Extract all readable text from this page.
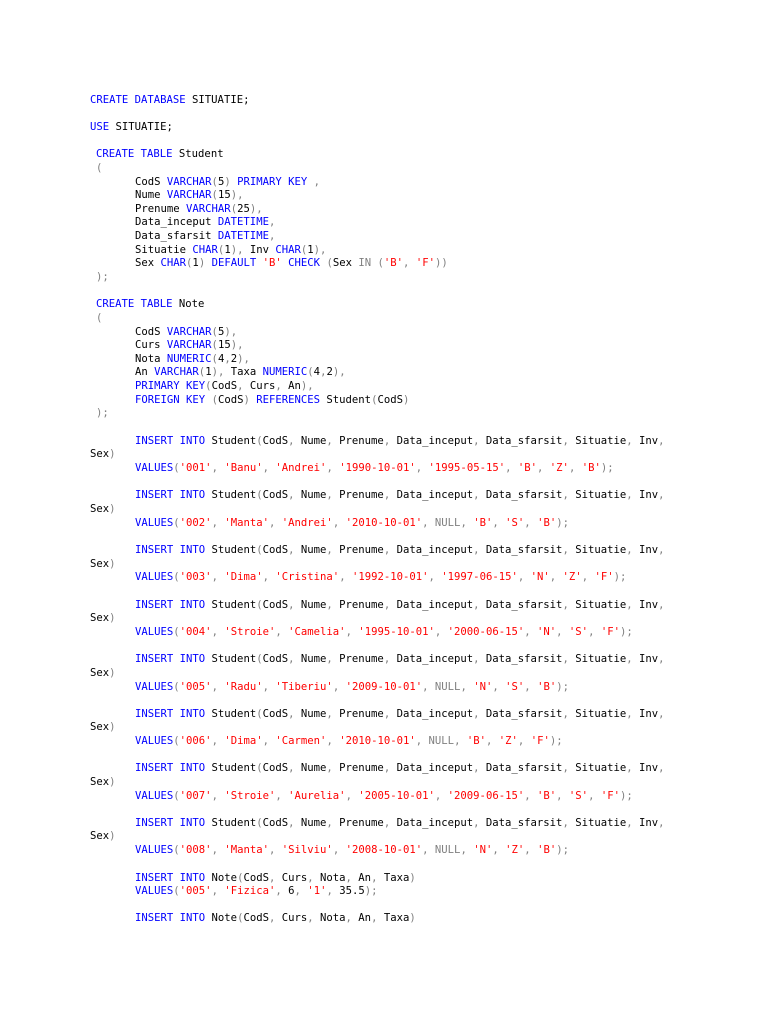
CREATE DATABASE SITUATIE;
USE SITUATIE;
CREATE TABLE Student
(
CodS VARCHAR(5) PRIMARY KEY ,
Nume VARCHAR(15),
Prenume VARCHAR(25),
Data_inceput DATETIME,
Data_sfarsit DATETIME,
Situatie CHAR(1), Inv CHAR(1),
Sex CHAR(1) DEFAULT 'B' CHECK (Sex IN ('B', 'F'))
);
CREATE TABLE Note
(
CodS VARCHAR(5),
Curs VARCHAR(15),
Nota NUMERIC(4,2),
An VARCHAR(1), Taxa NUMERIC(4,2),
PRIMARY KEY(CodS, Curs, An),
FOREIGN KEY (CodS) REFERENCES Student(CodS)
);
INSERT INTO Student(CodS, Nume, Prenume, Data_inceput, Data_sfarsit, Situatie, Inv,
Sex)
VALUES('001', 'Banu', 'Andrei', '1990-10-01', '1995-05-15', 'B', 'Z', 'B');
INSERT INTO Student(CodS, Nume, Prenume, Data_inceput, Data_sfarsit, Situatie, Inv,
Sex)
VALUES('002', 'Manta', 'Andrei', '2010-10-01', NULL, 'B', 'S', 'B');
INSERT INTO Student(CodS, Nume, Prenume, Data_inceput, Data_sfarsit, Situatie, Inv,
Sex)
VALUES('003', 'Dima', 'Cristina', '1992-10-01', '1997-06-15', 'N', 'Z', 'F');
INSERT INTO Student(CodS, Nume, Prenume, Data_inceput, Data_sfarsit, Situatie, Inv,
Sex)
VALUES('004', 'Stroie', 'Camelia', '1995-10-01', '2000-06-15', 'N', 'S', 'F');
INSERT INTO Student(CodS, Nume, Prenume, Data_inceput, Data_sfarsit, Situatie, Inv,
Sex)
VALUES('005', 'Radu', 'Tiberiu', '2009-10-01', NULL, 'N', 'S', 'B');
INSERT INTO Student(CodS, Nume, Prenume, Data_inceput, Data_sfarsit, Situatie, Inv,
Sex)
VALUES('006', 'Dima', 'Carmen', '2010-10-01', NULL, 'B', 'Z', 'F');
INSERT INTO Student(CodS, Nume, Prenume, Data_inceput, Data_sfarsit, Situatie, Inv,
Sex)
VALUES('007', 'Stroie', 'Aurelia', '2005-10-01', '2009-06-15', 'B', 'S', 'F');
INSERT INTO Student(CodS, Nume, Prenume, Data_inceput, Data_sfarsit, Situatie, Inv,
Sex)
VALUES('008', 'Manta', 'Silviu', '2008-10-01', NULL, 'N', 'Z', 'B');
INSERT INTO Note(CodS, Curs, Nota, An, Taxa)
VALUES('005', 'Fizica', 6, '1', 35.5);
INSERT INTO Note(CodS, Curs, Nota, An, Taxa)
